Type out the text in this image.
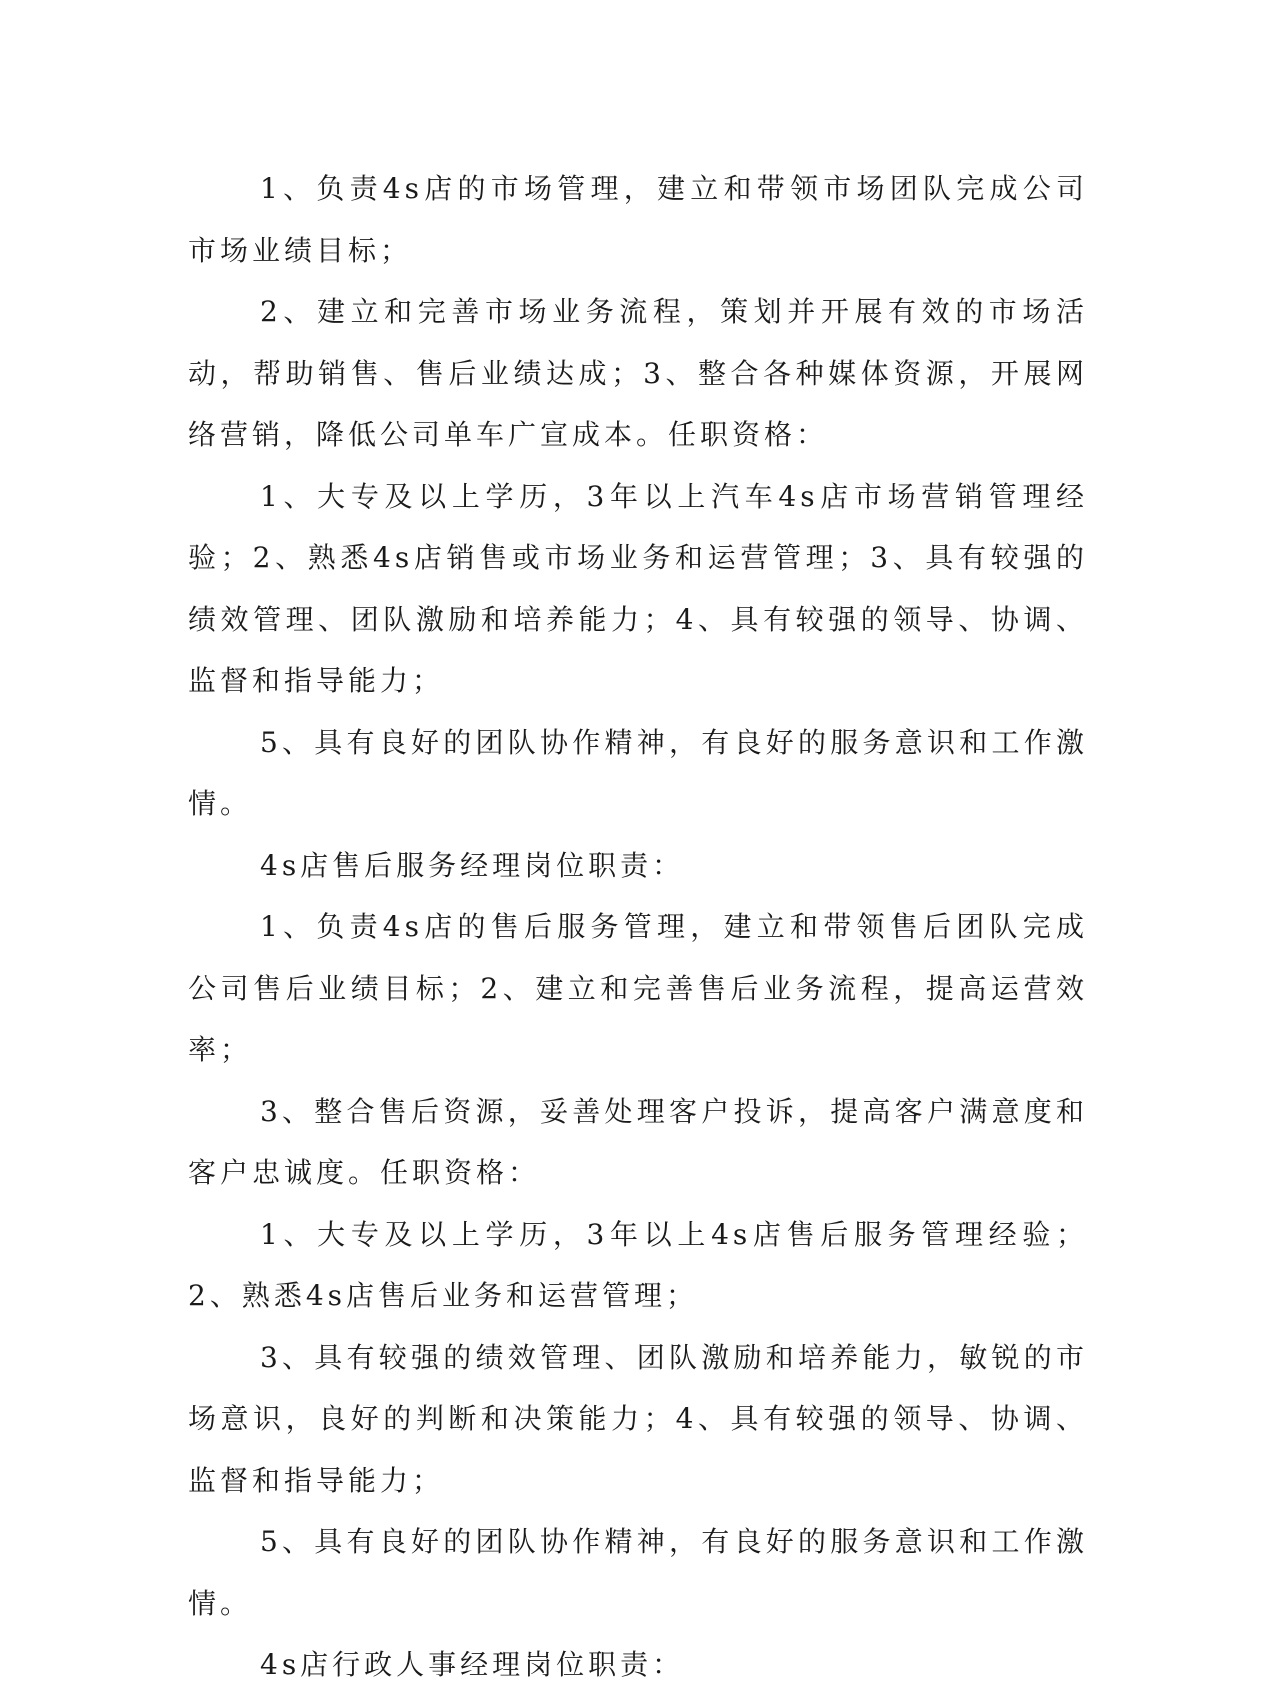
1、负责4s店的市场管理，建立和带领市场团队完成公司市场业绩目标；

2、建立和完善市场业务流程，策划并开展有效的市场活动，帮助销售、售后业绩达成；3、整合各种媒体资源，开展网络营销，降低公司单车广宣成本。任职资格：

1、大专及以上学历，3年以上汽车4s店市场营销管理经验；2、熟悉4s店销售或市场业务和运营管理；3、具有较强的绩效管理、团队激励和培养能力；4、具有较强的领导、协调、监督和指导能力；

5、具有良好的团队协作精神，有良好的服务意识和工作激情。

4s店售后服务经理岗位职责：

1、负责4s店的售后服务管理，建立和带领售后团队完成公司售后业绩目标；2、建立和完善售后业务流程，提高运营效率；

3、整合售后资源，妥善处理客户投诉，提高客户满意度和客户忠诚度。任职资格：

1、大专及以上学历，3年以上4s店售后服务管理经验；2、熟悉4s店售后业务和运营管理；

3、具有较强的绩效管理、团队激励和培养能力，敏锐的市场意识，良好的判断和决策能力；4、具有较强的领导、协调、监督和指导能力；

5、具有良好的团队协作精神，有良好的服务意识和工作激情。

4s店行政人事经理岗位职责：
